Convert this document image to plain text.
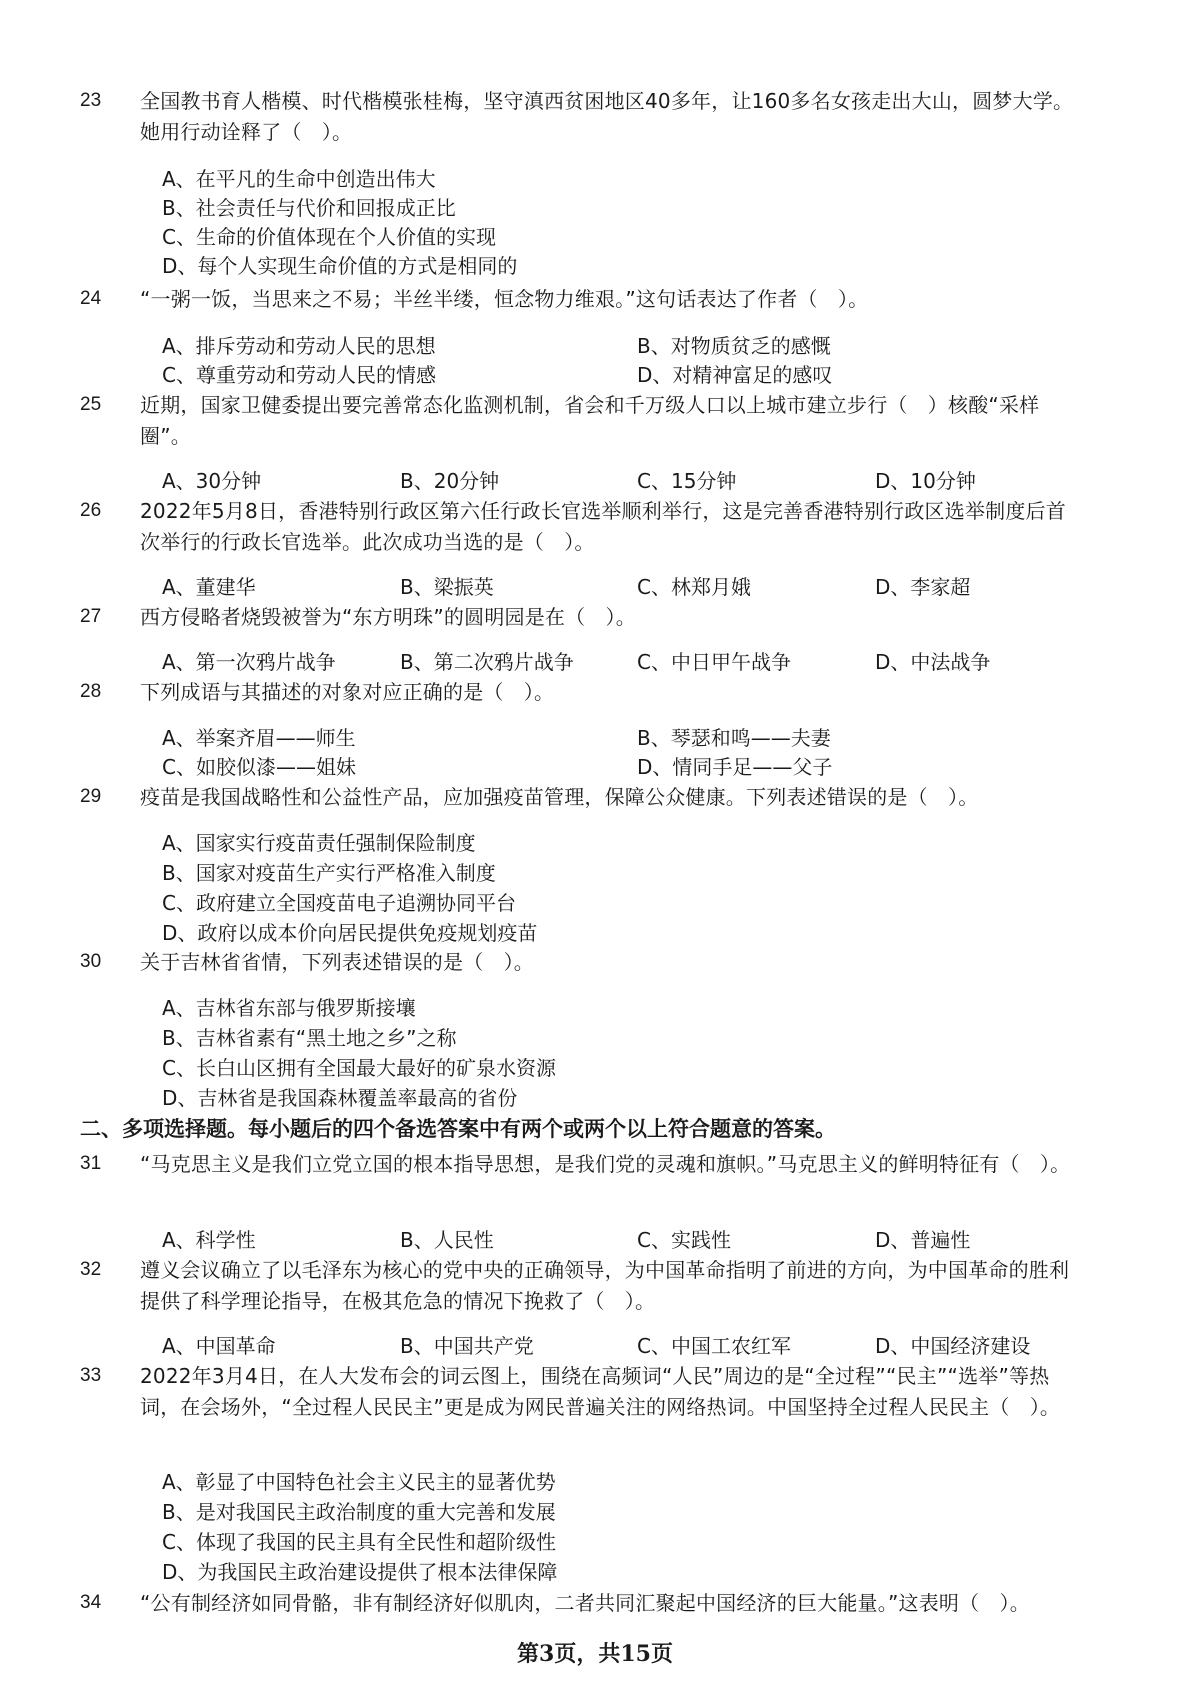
23 全国教书育人楷模、时代楷模张桂梅，坚守滇西贫困地区40多年，让160多名女孩走出大山，圆梦大学。她用行动诠释了（　）。
A、在平凡的生命中创造出伟大
B、社会责任与代价和回报成正比
C、生命的价值体现在个人价值的实现
D、每个人实现生命价值的方式是相同的
24 “一粥一饭，当思来之不易；半丝半缕，恒念物力维艰。”这句话表达了作者（　）。
A、排斥劳动和劳动人民的思想	B、对物质贫乏的感慨
C、尊重劳动和劳动人民的情感	D、对精神富足的感叹
25 近期，国家卫健委提出要完善常态化监测机制，省会和千万级人口以上城市建立步行（　）核酸“采样圈”。
A、30分钟	B、20分钟	C、15分钟	D、10分钟
26 2022年5月8日，香港特别行政区第六任行政长官选举顺利举行，这是完善香港特别行政区选举制度后首次举行的行政长官选举。此次成功当选的是（　）。
A、董建华	B、梁振英	C、林郑月娥	D、李家超
27 西方侵略者烧毁被誉为“东方明珠”的圆明园是在（　）。
A、第一次鸦片战争	B、第二次鸦片战争	C、中日甲午战争	D、中法战争
28 下列成语与其描述的对象对应正确的是（　）。
A、举案齐眉——师生	B、琴瑟和鸣——夫妻
C、如胶似漆——姐妹	D、情同手足——父子
29 疫苗是我国战略性和公益性产品，应加强疫苗管理，保障公众健康。下列表述错误的是（　）。
A、国家实行疫苗责任强制保险制度
B、国家对疫苗生产实行严格准入制度
C、政府建立全国疫苗电子追溯协同平台
D、政府以成本价向居民提供免疫规划疫苗
30 关于吉林省省情，下列表述错误的是（　）。
A、吉林省东部与俄罗斯接壤
B、吉林省素有“黑土地之乡”之称
C、长白山区拥有全国最大最好的矿泉水资源
D、吉林省是我国森林覆盖率最高的省份
二、多项选择题。每小题后的四个备选答案中有两个或两个以上符合题意的答案。
31 “马克思主义是我们立党立国的根本指导思想，是我们党的灵魂和旗帜。”马克思主义的鲜明特征有（　）。
A、科学性	B、人民性	C、实践性	D、普遍性
32 遵义会议确立了以毛泽东为核心的党中央的正确领导，为中国革命指明了前进的方向，为中国革命的胜利提供了科学理论指导，在极其危急的情况下挽救了（　）。
A、中国革命	B、中国共产党	C、中国工农红军	D、中国经济建设
33 2022年3月4日，在人大发布会的词云图上，围绕在高频词“人民”周边的是“全过程”“民主”“选举”等热词，在会场外，“全过程人民民主”更是成为网民普遍关注的网络热词。中国坚持全过程人民民主（　）。
A、彰显了中国特色社会主义民主的显著优势
B、是对我国民主政治制度的重大完善和发展
C、体现了我国的民主具有全民性和超阶级性
D、为我国民主政治建设提供了根本法律保障
34 “公有制经济如同骨骼，非有制经济好似肌肉，二者共同汇聚起中国经济的巨大能量。”这表明（　）。
第3页，共15页
